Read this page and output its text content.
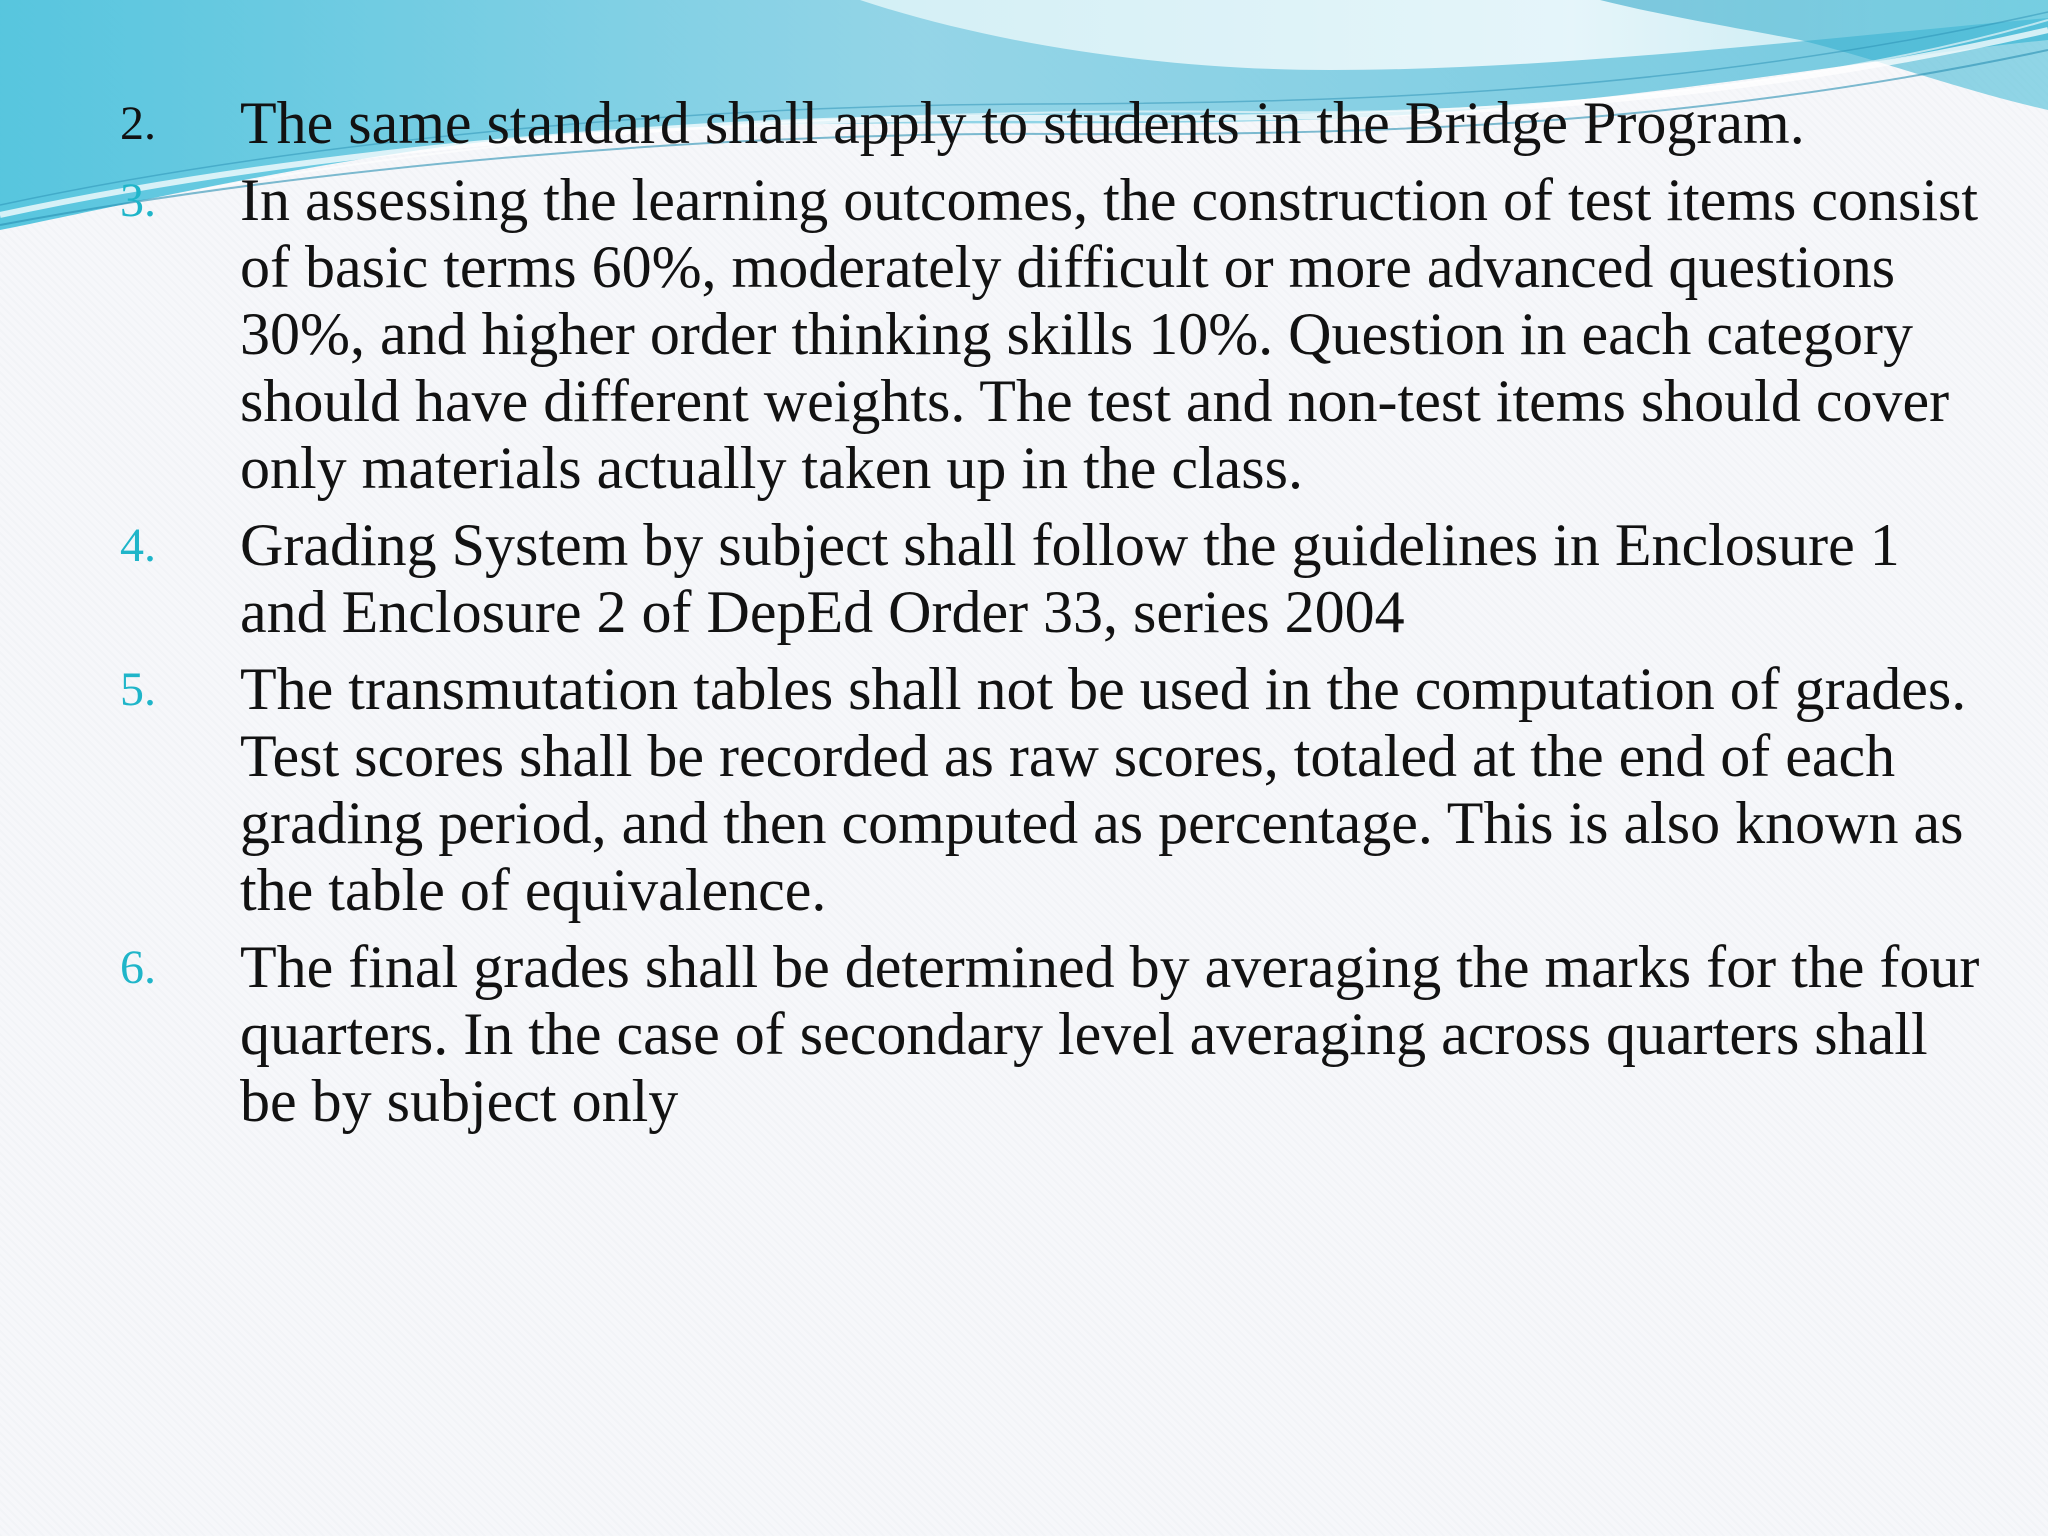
2.	The same standard shall apply to students in the Bridge Program.
3.	In assessing the learning outcomes, the construction of test items consist of basic terms 60%, moderately difficult or more advanced questions 30%, and higher order thinking skills 10%. Question in each category should have different weights. The test and non-test items should cover only materials actually taken up in the class.
4.	Grading System by subject shall follow the guidelines in Enclosure 1 and Enclosure 2 of DepEd Order 33, series 2004
5.	The transmutation tables shall not be used in the computation of grades. Test scores shall be recorded as raw scores, totaled at the end of each grading period, and then computed as percentage. This is also known as the table of equivalence.
6.	The final grades shall be determined by averaging the marks for the four quarters. In the case of secondary level averaging across quarters shall be by subject only
